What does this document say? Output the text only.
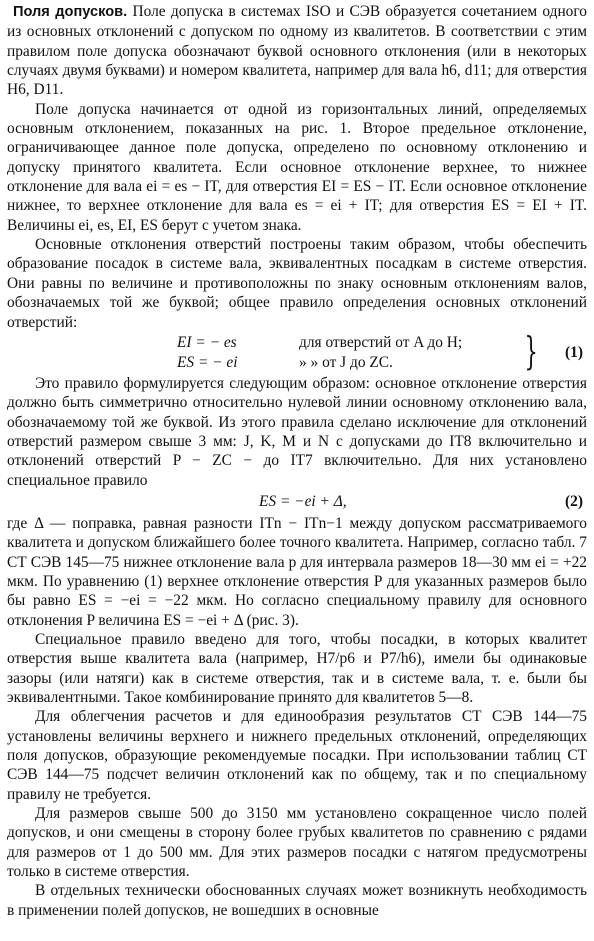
Поля допусков. Поле допуска в системах ISO и СЭВ образуется сочетанием одного из основных отклонений с допуском по одному из квалитетов. В соответствии с этим правилом поле допуска обозначают буквой основного отклонения (или в некоторых случаях двумя буквами) и номером квалитета, например для вала h6, d11; для отверстия H6, D11.

Поле допуска начинается от одной из горизонтальных линий, определяемых основным отклонением, показанных на рис. 1. Второе предельное отклонение, ограничивающее данное поле допуска, определено по основному отклонению и допуску принятого квалитета. Если основное отклонение верхнее, то нижнее отклонение для вала ei = es − IT, для отверстия EI = ES − IT. Если основное отклонение нижнее, то верхнее отклонение для вала es = ei + IT; для отверстия ES = EI + IT. Величины ei, es, EI, ES берут с учетом знака.

Основные отклонения отверстий построены таким образом, чтобы обеспечить образование посадок в системе вала, эквивалентных посадкам в системе отверстия. Они равны по величине и противоположны по знаку основным отклонениям валов, обозначаемых той же буквой; общее правило определения основных отклонений отверстий:

EI = − es	для отверстий от A до H;
ES = − ei	» » от J до ZC.	} (1)

Это правило формулируется следующим образом: основное отклонение отверстия должно быть симметрично относительно нулевой линии основному отклонению вала, обозначаемому той же буквой. Из этого правила сделано исключение для отклонений отверстий размером свыше 3 мм: J, K, M и N с допусками до IT8 включительно и отклонений отверстий P − ZC − до IT7 включительно. Для них установлено специальное правило

ES = −ei + Δ,	(2)

где Δ — поправка, равная разности ITn − ITn−1 между допуском рассматриваемого квалитета и допуском ближайшего более точного квалитета. Например, согласно табл. 7 СТ СЭВ 145—75 нижнее отклонение вала p для интервала размеров 18—30 мм ei = +22 мкм. По уравнению (1) верхнее отклонение отверстия P для указанных размеров было бы равно ES = −ei = −22 мкм. Но согласно специальному правилу для основного отклонения P величина ES = −ei + Δ (рис. 3).

Специальное правило введено для того, чтобы посадки, в которых квалитет отверстия выше квалитета вала (например, H7/p6 и P7/h6), имели бы одинаковые зазоры (или натяги) как в системе отверстия, так и в системе вала, т. е. были бы эквивалентными. Такое комбинирование принято для квалитетов 5—8.

Для облегчения расчетов и для единообразия результатов СТ СЭВ 144—75 установлены величины верхнего и нижнего предельных отклонений, определяющих поля допусков, образующие рекомендуемые посадки. При использовании таблиц СТ СЭВ 144—75 подсчет величин отклонений как по общему, так и по специальному правилу не требуется.

Для размеров свыше 500 до 3150 мм установлено сокращенное число полей допусков, и они смещены в сторону более грубых квалитетов по сравнению с рядами для размеров от 1 до 500 мм. Для этих размеров посадки с натягом предусмотрены только в системе отверстия.

В отдельных технически обоснованных случаях может возникнуть необходимость в применении полей допусков, не вошедших в основные
